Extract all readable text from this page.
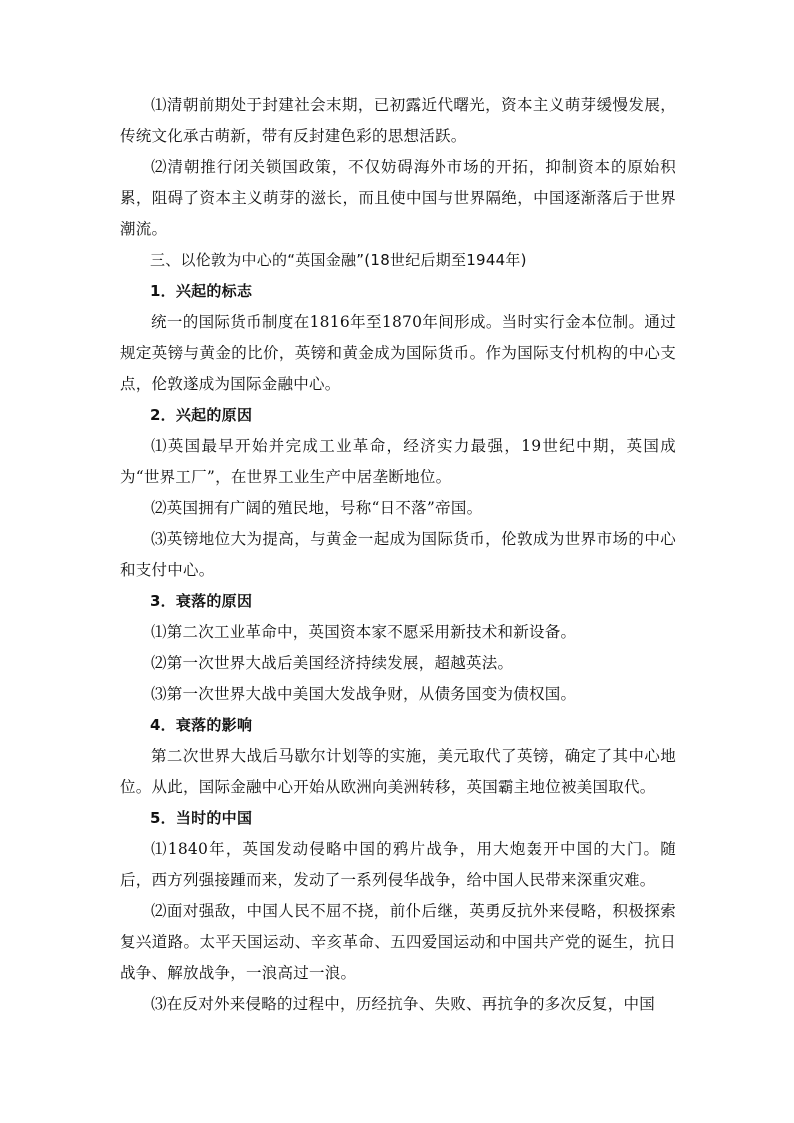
⑴清朝前期处于封建社会末期，已初露近代曙光，资本主义萌芽缓慢发展，传统文化承古萌新，带有反封建色彩的思想活跃。

⑵清朝推行闭关锁国政策，不仅妨碍海外市场的开拓，抑制资本的原始积累，阻碍了资本主义萌芽的滋长，而且使中国与世界隔绝，中国逐渐落后于世界潮流。

三、以伦敦为中心的“英国金融”(18世纪后期至1944年)

1．兴起的标志

统一的国际货币制度在1816年至1870年间形成。当时实行金本位制。通过规定英镑与黄金的比价，英镑和黄金成为国际货币。作为国际支付机构的中心支点，伦敦遂成为国际金融中心。

2．兴起的原因

⑴英国最早开始并完成工业革命，经济实力最强，19世纪中期，英国成为“世界工厂”，在世界工业生产中居垄断地位。

⑵英国拥有广阔的殖民地，号称“日不落”帝国。

⑶英镑地位大为提高，与黄金一起成为国际货币，伦敦成为世界市场的中心和支付中心。

3．衰落的原因

⑴第二次工业革命中，英国资本家不愿采用新技术和新设备。

⑵第一次世界大战后美国经济持续发展，超越英法。

⑶第一次世界大战中美国大发战争财，从债务国变为债权国。

4．衰落的影响

第二次世界大战后马歇尔计划等的实施，美元取代了英镑，确定了其中心地位。从此，国际金融中心开始从欧洲向美洲转移，英国霸主地位被美国取代。

5．当时的中国

⑴1840年，英国发动侵略中国的鸦片战争，用大炮轰开中国的大门。随后，西方列强接踵而来，发动了一系列侵华战争，给中国人民带来深重灾难。

⑵面对强敌，中国人民不屈不挠，前仆后继，英勇反抗外来侵略，积极探索复兴道路。太平天国运动、辛亥革命、五四爱国运动和中国共产党的诞生，抗日战争、解放战争，一浪高过一浪。

⑶在反对外来侵略的过程中，历经抗争、失败、再抗争的多次反复，中国
